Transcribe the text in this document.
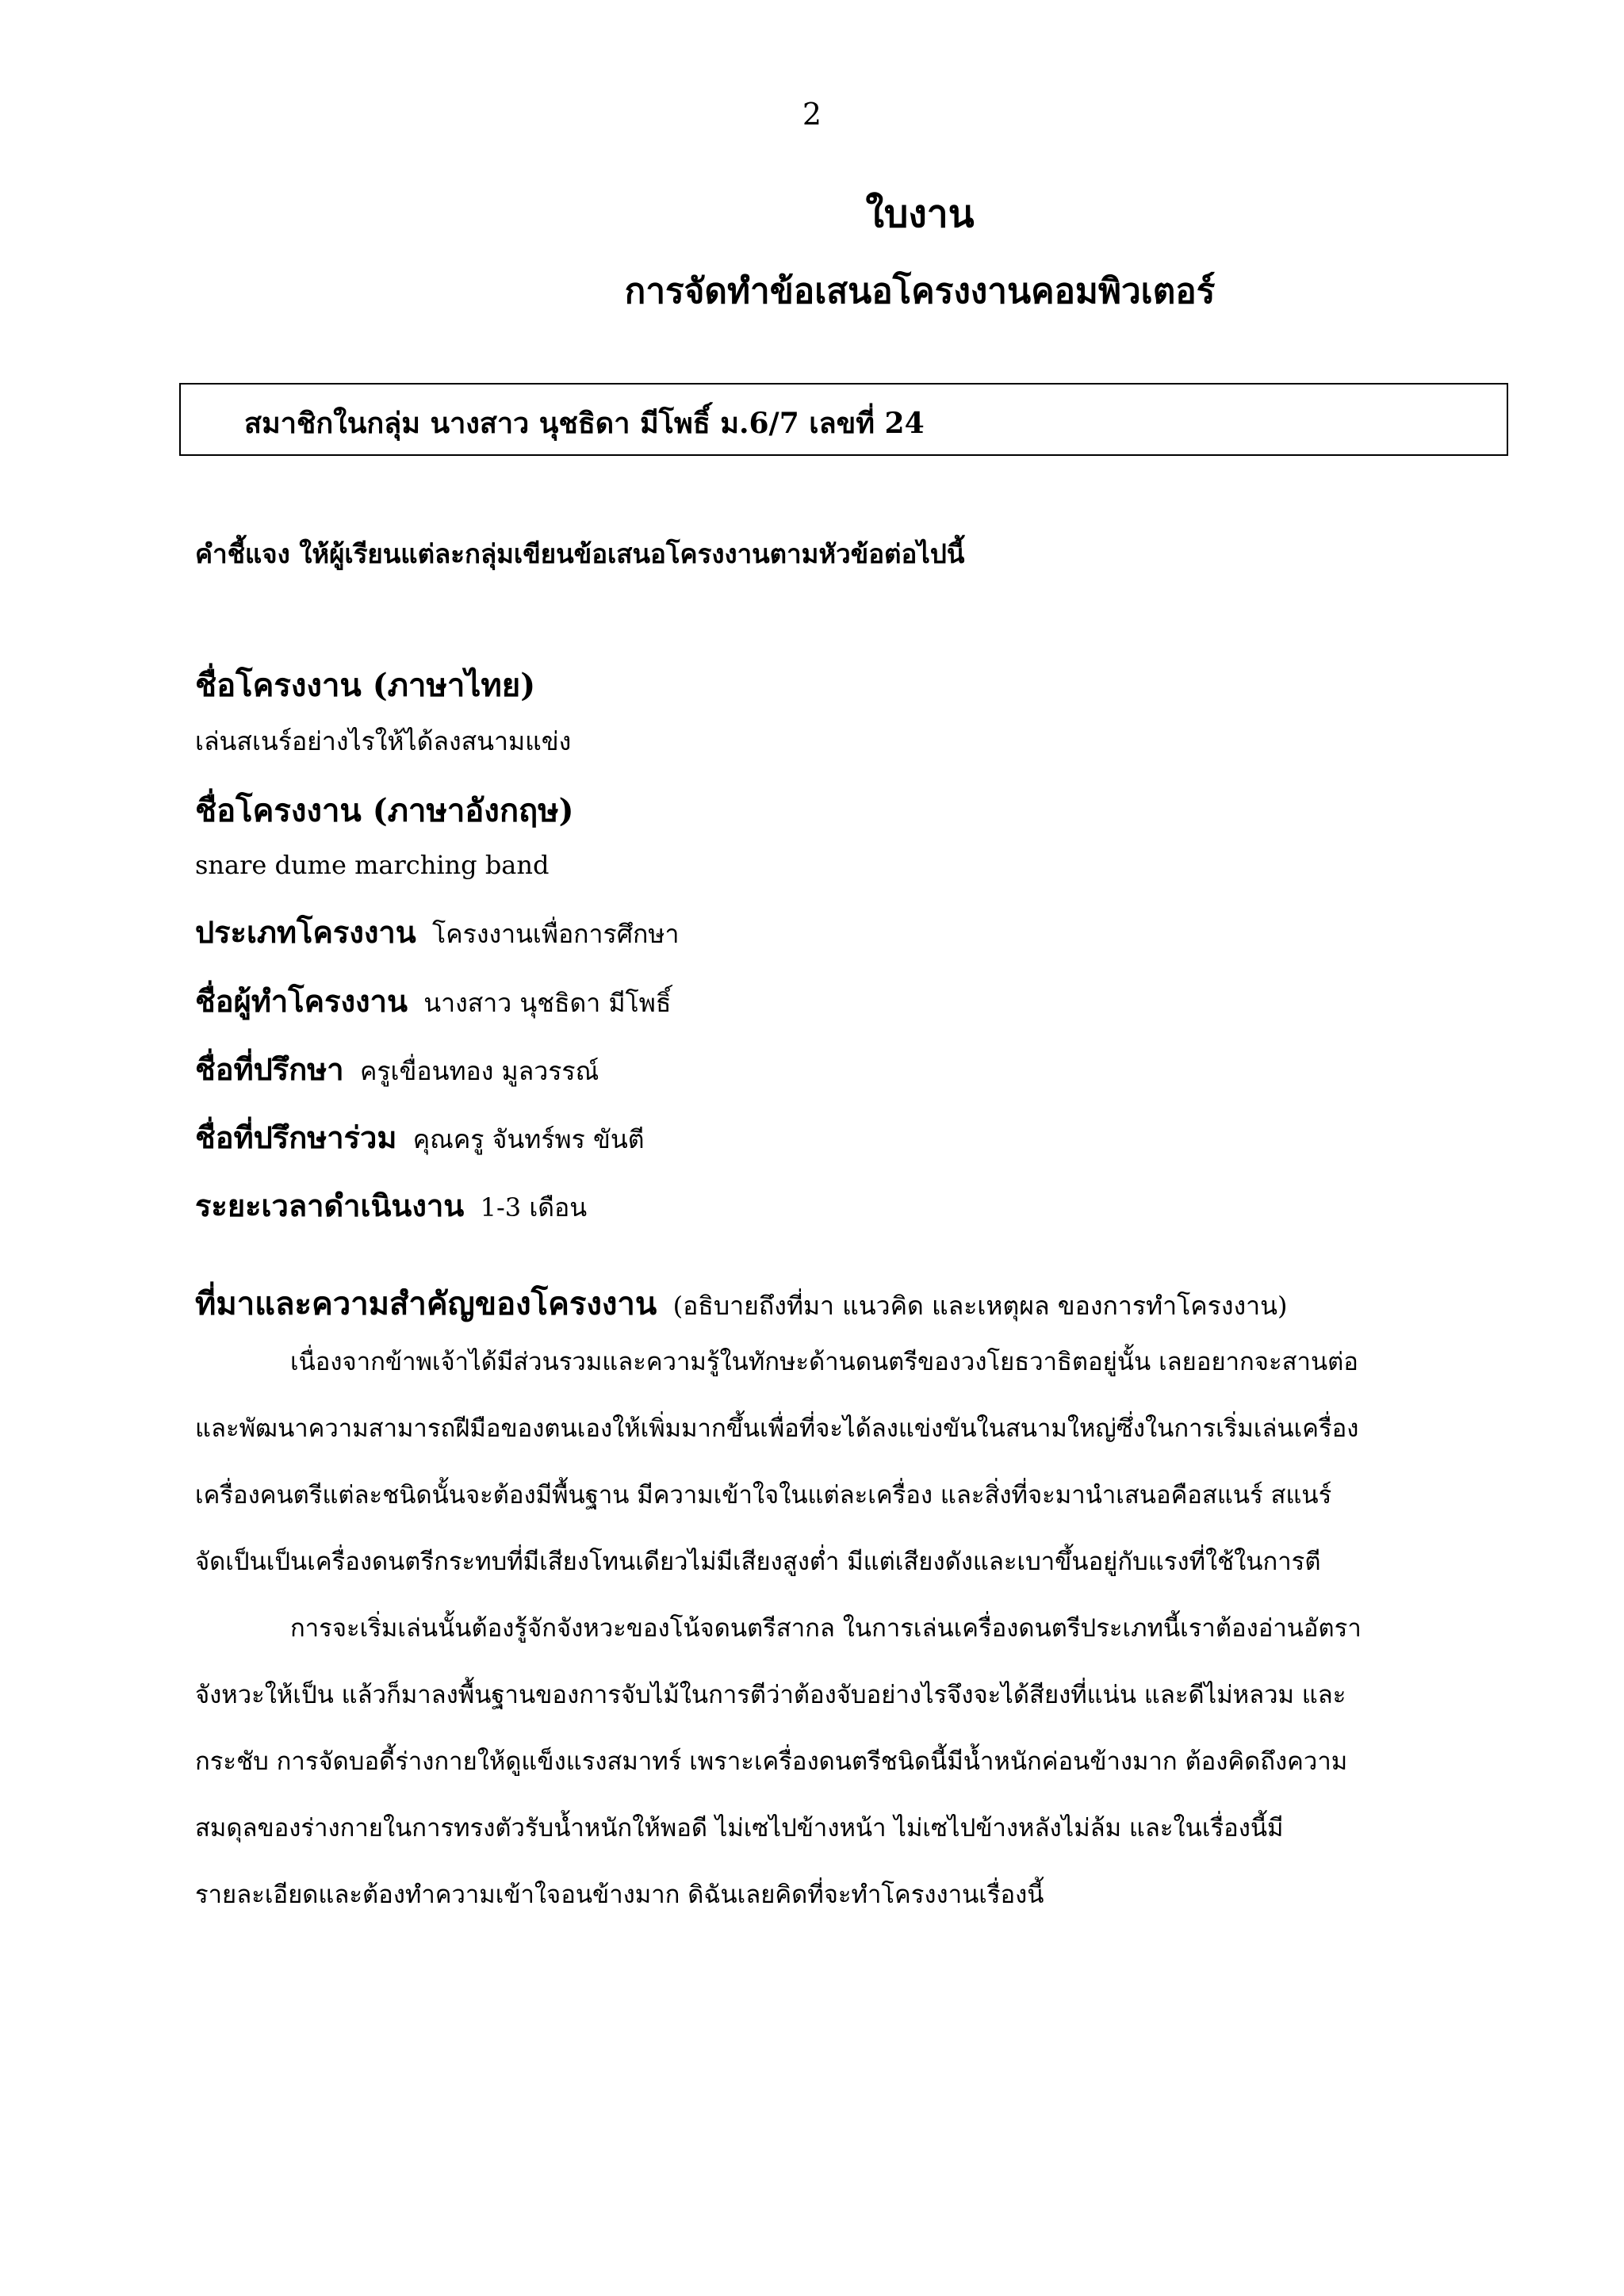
2
ใบงาน
การจัดทำข้อเสนอโครงงานคอมพิวเตอร์
สมาชิกในกลุ่ม นางสาว นุชธิดา มีโพธิ์ ม.6/7 เลขที่ 24
คำชี้แจง ให้ผู้เรียนแต่ละกลุ่มเขียนข้อเสนอโครงงานตามหัวข้อต่อไปนี้
ชื่อโครงงาน (ภาษาไทย)
เล่นสเนร์อย่างไรให้ได้ลงสนามแข่ง
ชื่อโครงงาน (ภาษาอังกฤษ)
snare dume marching band
ประเภทโครงงาน โครงงานเพื่อการศึกษา
ชื่อผู้ทำโครงงาน นางสาว นุชธิดา มีโพธิ์
ชื่อที่ปรึกษา ครูเขื่อนทอง มูลวรรณ์
ชื่อที่ปรึกษาร่วม คุณครู จันทร์พร ขันตี
ระยะเวลาดำเนินงาน 1-3 เดือน
ที่มาและความสำคัญของโครงงาน (อธิบายถึงที่มา แนวคิด และเหตุผล ของการทำโครงงาน)
เนื่องจากข้าพเจ้าได้มีส่วนรวมและความรู้ในทักษะด้านดนตรีของวงโยธวาธิตอยู่นั้น เลยอยากจะสานต่อ
และพัฒนาความสามารถฝีมือของตนเองให้เพิ่มมากขึ้นเพื่อที่จะได้ลงแข่งขันในสนามใหญ่ซึ่งในการเริ่มเล่นเครื่อง
เครื่องคนตรีแต่ละชนิดนั้นจะต้องมีพื้นฐาน มีความเข้าใจในแต่ละเครื่อง และสิ่งที่จะมานำเสนอคือสแนร์ สแนร์
จัดเป็นเป็นเครื่องดนตรีกระทบที่มีเสียงโทนเดียวไม่มีเสียงสูงต่ำ มีแต่เสียงดังและเบาขึ้นอยู่กับแรงที่ใช้ในการตี
การจะเริ่มเล่นนั้นต้องรู้จักจังหวะของโน้จดนตรีสากล ในการเล่นเครื่องดนตรีประเภทนี้เราต้องอ่านอัตรา
จังหวะให้เป็น แล้วก็มาลงพื้นฐานของการจับไม้ในการตีว่าต้องจับอย่างไรจึงจะได้สียงที่แน่น และดีไม่หลวม และ
กระชับ การจัดบอดี้ร่างกายให้ดูแข็งแรงสมาทร์ เพราะเครื่องดนตรีชนิดนี้มีน้ำหนักค่อนข้างมาก ต้องคิดถึงความ
สมดุลของร่างกายในการทรงตัวรับน้ำหนักให้พอดี ไม่เซไปข้างหน้า ไม่เซไปข้างหลังไม่ล้ม และในเรื่องนี้มี
รายละเอียดและต้องทำความเข้าใจอนข้างมาก ดิฉันเลยคิดที่จะทำโครงงานเรื่องนี้
